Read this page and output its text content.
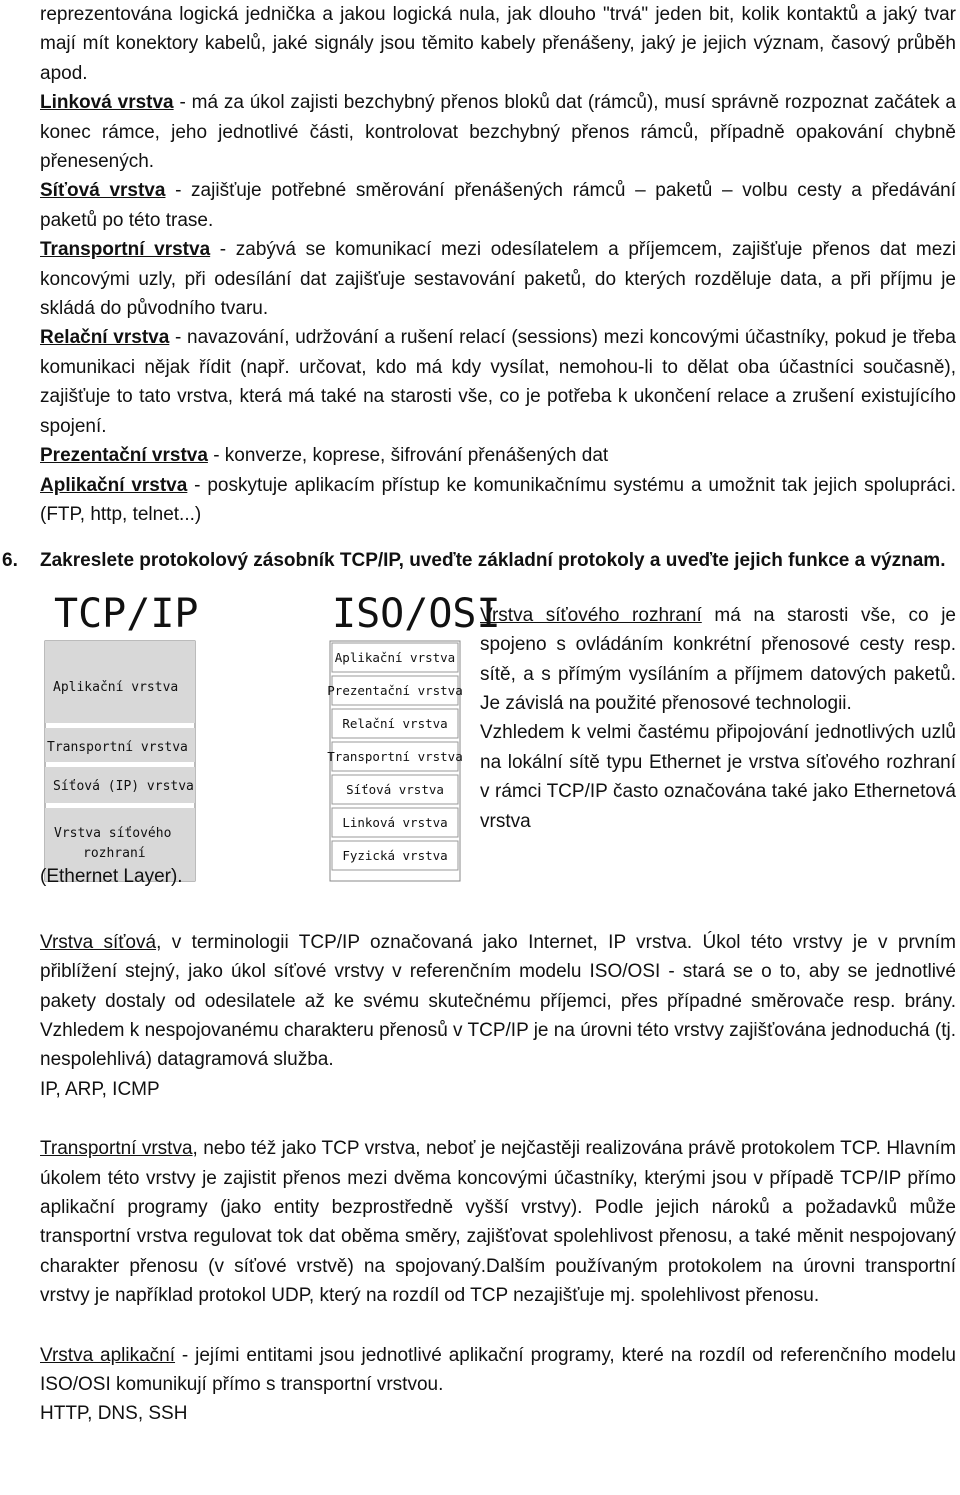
reprezentována logická jednička a jakou logická nula, jak dlouho "trvá" jeden bit, kolik kontaktů a jaký tvar mají mít konektory kabelů, jaké signály jsou těmito kabely přenášeny, jaký je jejich význam, časový průběh apod.

Linková vrstva - má za úkol zajisti bezchybný přenos bloků dat (rámců), musí správně rozpoznat začátek a konec rámce, jeho jednotlivé části, kontrolovat bezchybný přenos rámců, případně opakování chybně přenesených.

Síťová vrstva - zajišťuje potřebné směrování přenášených rámců – paketů – volbu cesty a předávání paketů po této trase.

Transportní vrstva - zabývá se komunikací mezi odesílatelem a příjemcem, zajišťuje přenos dat mezi koncovými uzly, při odesílání dat zajišťuje sestavování paketů, do kterých rozděluje data, a při příjmu je skládá do původního tvaru.

Relační vrstva - navazování, udržování a rušení relací (sessions) mezi koncovými účastníky, pokud je třeba komunikaci nějak řídit (např. určovat, kdo má kdy vysílat, nemohou-li to dělat oba účastníci současně), zajišťuje to tato vrstva, která má také na starosti vše, co je potřeba k ukončení relace a zrušení existujícího spojení.

Prezentační vrstva - konverze, koprese, šifrování přenášených dat

Aplikační vrstva - poskytuje aplikacím přístup ke komunikačnímu systému a umožnit tak jejich spolupráci. (FTP, http, telnet...)

6. Zakreslete protokolový zásobník TCP/IP, uveďte základní protokoly a uveďte jejich funkce a význam.

TCP/IP	ISO/OSI
Aplikační vrstva
Transportní vrstva
Síťová (IP) vrstva
Vrstva síťového
rozhraní
Aplikační vrstva
Prezentační vrstva
Relační vrstva
Transportní vrstva
Síťová vrstva
Linková vrstva
Fyzická vrstva

Vrstva síťového rozhraní má na starosti vše, co je spojeno s ovládáním konkrétní přenosové cesty resp. sítě, a s přímým vysíláním a příjmem datových paketů. Je závislá na použité přenosové technologii.

Vzhledem k velmi častému připojování jednotlivých uzlů na lokální sítě typu Ethernet je vrstva síťového rozhraní v rámci TCP/IP často označována také jako Ethernetová vrstva

(Ethernet Layer).

Vrstva síťová, v terminologii TCP/IP označovaná jako Internet, IP vrstva. Úkol této vrstvy je v prvním přiblížení stejný, jako úkol síťové vrstvy v referenčním modelu ISO/OSI - stará se o to, aby se jednotlivé pakety dostaly od odesilatele až ke svému skutečnému příjemci, přes případné směrovače resp. brány. Vzhledem k nespojovanému charakteru přenosů v TCP/IP je na úrovni této vrstvy zajišťována jednoduchá (tj. nespolehlivá) datagramová služba.

IP, ARP, ICMP

Transportní vrstva, nebo též jako TCP vrstva, neboť je nejčastěji realizována právě protokolem TCP. Hlavním úkolem této vrstvy je zajistit přenos mezi dvěma koncovými účastníky, kterými jsou v případě TCP/IP přímo aplikační programy (jako entity bezprostředně vyšší vrstvy). Podle jejich nároků a požadavků může transportní vrstva regulovat tok dat oběma směry, zajišťovat spolehlivost přenosu, a také měnit nespojovaný charakter přenosu (v síťové vrstvě) na spojovaný.Dalším používaným protokolem na úrovni transportní vrstvy je například protokol UDP, který na rozdíl od TCP nezajišťuje mj. spolehlivost přenosu.

Vrstva aplikační - jejími entitami jsou jednotlivé aplikační programy, které na rozdíl od referenčního modelu ISO/OSI komunikují přímo s transportní vrstvou.

HTTP, DNS, SSH
